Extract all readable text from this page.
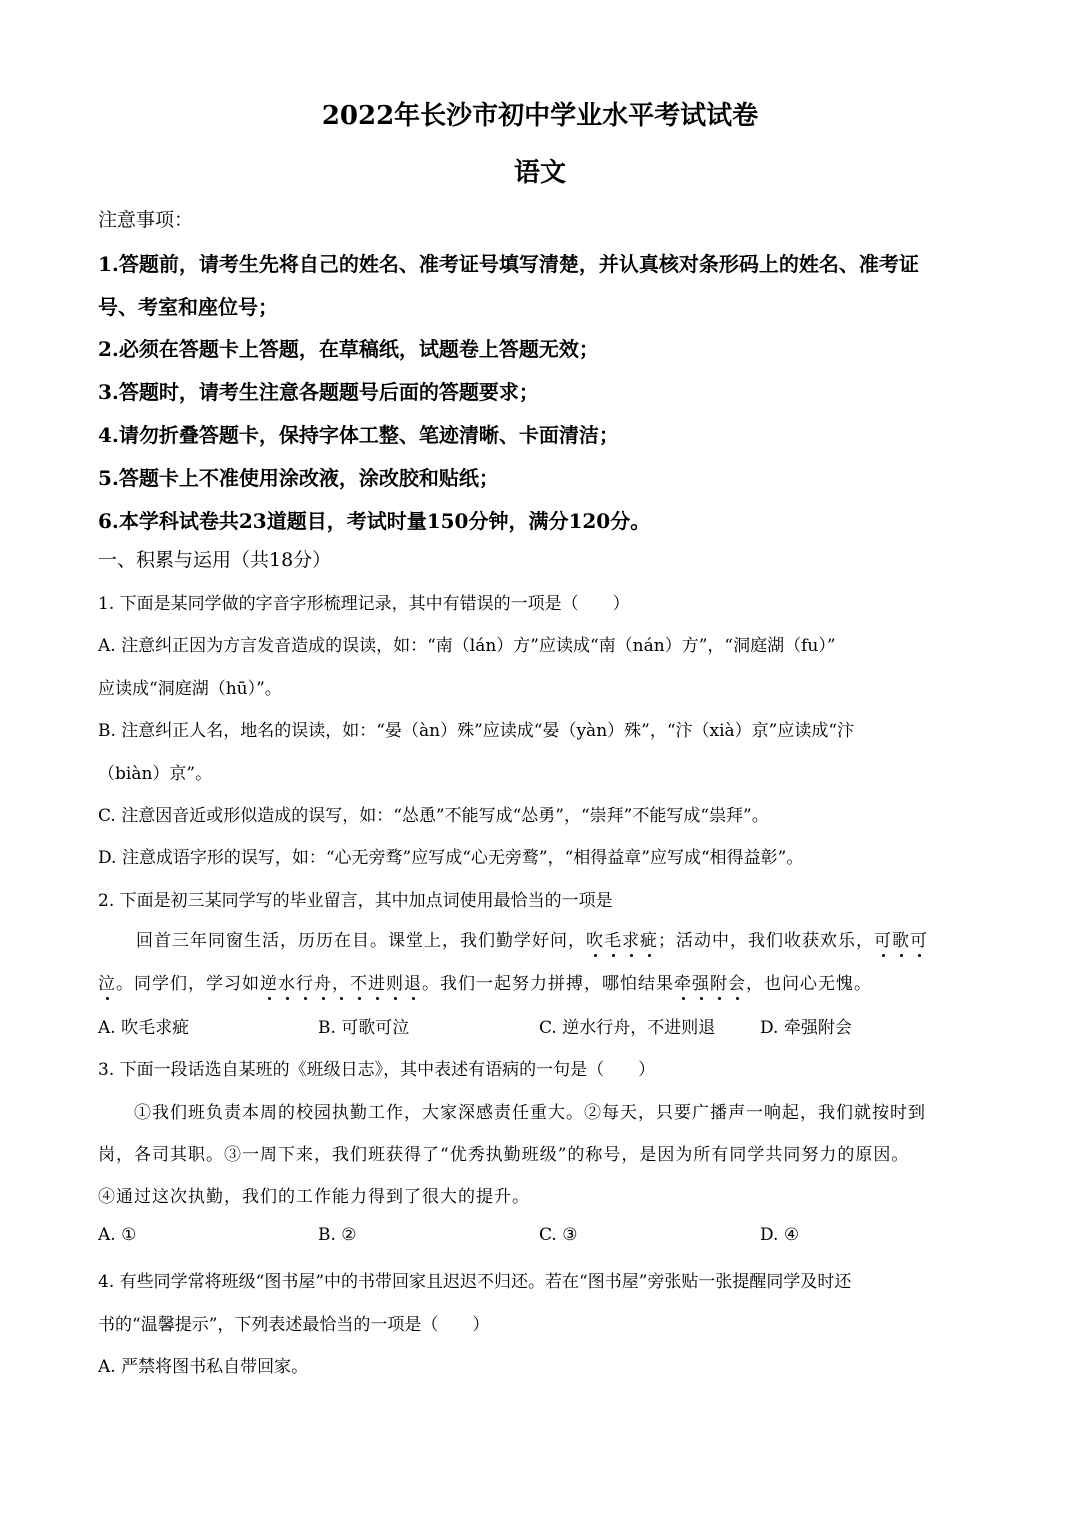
2022年长沙市初中学业水平考试试卷
语文
注意事项：
1.答题前，请考生先将自己的姓名、准考证号填写清楚，并认真核对条形码上的姓名、准考证
号、考室和座位号；
2.必须在答题卡上答题，在草稿纸，试题卷上答题无效；
3.答题时，请考生注意各题题号后面的答题要求；
4.请勿折叠答题卡，保持字体工整、笔迹清晰、卡面清洁；
5.答题卡上不准使用涂改液，涂改胶和贴纸；
6.本学科试卷共23道题目，考试时量150分钟，满分120分。
一、积累与运用（共18分）
1. 下面是某同学做的字音字形梳理记录，其中有错误的一项是（　　）
A. 注意纠正因为方言发音造成的误读，如：“南（lán）方”应读成“南（nán）方”，“洞庭湖（fu）”
应读成“洞庭湖（hū）”。
B. 注意纠正人名，地名的误读，如：“晏（àn）殊”应读成“晏（yàn）殊”，“汴（xià）京”应读成“汴
（biàn）京”。
C. 注意因音近或形似造成的误写，如：“怂恿”不能写成“怂勇”，“崇拜”不能写成“祟拜”。
D. 注意成语字形的误写，如：“心无旁骛”应写成“心无旁鹜”，“相得益章”应写成“相得益彰”。
2. 下面是初三某同学写的毕业留言，其中加点词使用最恰当的一项是
回首三年同窗生活，历历在目。课堂上，我们勤学好问，吹毛求疵；活动中，我们收获欢乐，可歌可
泣。同学们，学习如逆水行舟，不进则退。我们一起努力拼搏，哪怕结果牵强附会，也问心无愧。
A. 吹毛求疵	B. 可歌可泣	C. 逆水行舟，不进则退	D. 牵强附会
3. 下面一段话选自某班的《班级日志》，其中表述有语病的一句是（　　）
①我们班负责本周的校园执勤工作，大家深感责任重大。②每天，只要广播声一响起，我们就按时到
岗，各司其职。③一周下来，我们班获得了“优秀执勤班级”的称号，是因为所有同学共同努力的原因。
④通过这次执勤，我们的工作能力得到了很大的提升。
A. ①	B. ②	C. ③	D. ④
4. 有些同学常将班级“图书屋”中的书带回家且迟迟不归还。若在“图书屋”旁张贴一张提醒同学及时还
书的“温馨提示”，下列表述最恰当的一项是（　　）
A. 严禁将图书私自带回家。
